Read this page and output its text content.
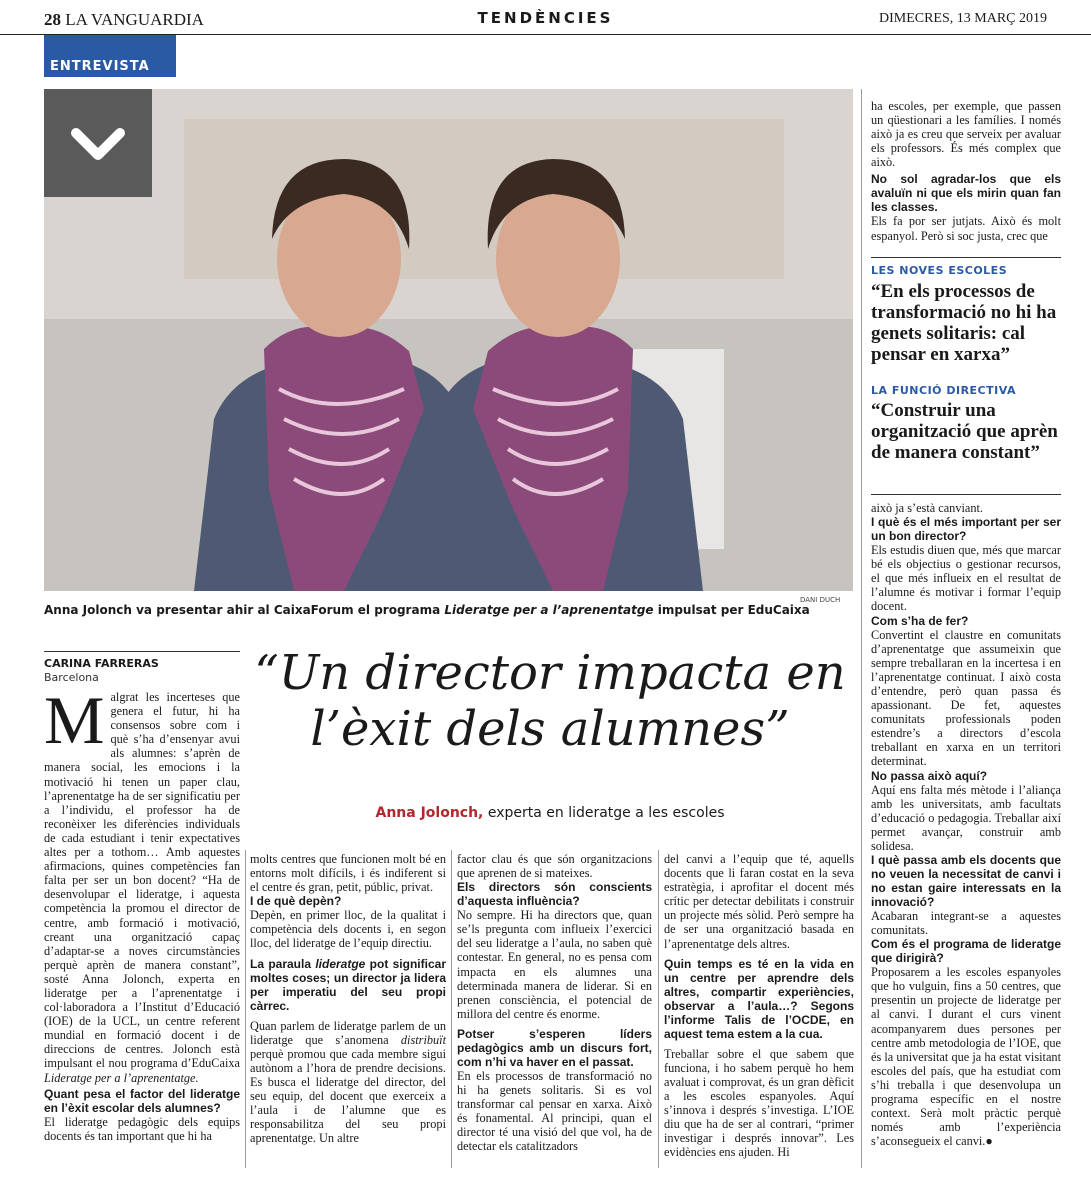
28 LA VANGUARDIA	TENDÈNCIES	DIMECRES, 13 MARÇ 2019
ENTREVISTA
DANI DUCH
Anna Jolonch va presentar ahir al CaixaForum el programa Lideratge per a l’aprenentatge impulsat per EduCaixa
CARINA FARRERAS
Barcelona	“Un director impacta en l’èxit dels alumnes”
Anna Jolonch, experta en lideratge a les escoles
M algrat les incerteses que genera el futur, hi ha consensos sobre com i què s’ha d’ensenyar avui als alumnes: s’aprèn de manera social, les emocions i la motivació hi tenen un paper clau, l’aprenentatge ha de ser significatiu per a l’individu, el professor ha de reconèixer les diferències individuals de cada estudiant i tenir expectatives altes per a tothom… Amb aquestes afirmacions, quines competències fan falta per ser un bon docent? “Ha de desenvolupar el lideratge, i aquesta competència la promou el director de centre, amb formació i motivació, creant una organització capaç d’adaptar-se a noves circumstàncies perquè aprèn de manera constant”, sosté Anna Jolonch, experta en lideratge per a l’aprenentatge i col·laboradora a l’Institut d’Educació (IOE) de la UCL, un centre referent mundial en formació docent i de direccions de centres. Jolonch està impulsant el nou programa d’EduCaixa Lideratge per a l’aprenentatge.

Quant pesa el factor del lideratge en l’èxit escolar dels alumnes?

El lideratge pedagògic dels equips docents és tan important que hi ha

molts centres que funcionen molt bé en entorns molt difícils, i és indiferent si el centre és gran, petit, públic, privat.

I de què depèn?

Depèn, en primer lloc, de la qualitat i competència dels docents i, en segon lloc, del lideratge de l’equip directiu.

La paraula lideratge pot significar moltes coses; un director ja lidera per imperatiu del seu propi càrrec.

Quan parlem de lideratge parlem de un lideratge que s’anomena distribuït perquè promou que cada membre sigui autònom a l’hora de prendre decisions. Es busca el lideratge del director, del seu equip, del docent que exerceix a l’aula i de l’alumne que es responsabilitza del seu propi aprenentatge. Un altre

factor clau és que són organitzacions que aprenen de si mateixes.

Els directors són conscients d’aquesta influència?

No sempre. Hi ha directors que, quan se’ls pregunta com influeix l’exercici del seu lideratge a l’aula, no saben què contestar. En general, no es pensa com impacta en els alumnes una determinada manera de liderar. Si en prenen consciència, el potencial de millora del centre és enorme.

Potser s’esperen líders pedagògics amb un discurs fort, com n’hi va haver en el passat.

En els processos de transformació no hi ha genets solitaris. Si es vol transformar cal pensar en xarxa. Això és fonamental. Al principi, quan el director té una visió del que vol, ha de detectar els catalitzadors

del canvi a l’equip que té, aquells docents que li faran costat en la seva estratègia, i aprofitar el docent més crític per detectar debilitats i construir un projecte més sòlid. Però sempre ha de ser una organització basada en l’aprenentatge dels altres.

Quin temps es té en la vida en un centre per aprendre dels altres, compartir experiències, observar a l’aula…? Segons l’informe Talis de l’OCDE, en aquest tema estem a la cua.

Treballar sobre el que sabem que funciona, i ho sabem perquè ho hem avaluat i comprovat, és un gran dèficit a les escoles espanyoles. Aquí s’innova i després s’investiga. L’IOE diu que ha de ser al contrari, “primer investigar i després innovar”. Les evidències ens ajuden. Hi

ha escoles, per exemple, que passen un qüestionari a les famílies. I només això ja es creu que serveix per avaluar els professors. És més complex que això.

No sol agradar-los que els avaluïn ni que els mirin quan fan les classes.

Els fa por ser jutjats. Això és molt espanyol. Però si soc justa, crec que

LES NOVES ESCOLES
“En els processos de transformació no hi ha genets solitaris: cal pensar en xarxa”
LA FUNCIÓ DIRECTIVA
“Construir una organització que aprèn de manera constant”

això ja s’està canviant.

I què és el més important per ser un bon director?

Els estudis diuen que, més que marcar bé els objectius o gestionar recursos, el que més influeix en el resultat de l’alumne és motivar i formar l’equip docent.

Com s’ha de fer?

Convertint el claustre en comunitats d’aprenentatge que assumeixin que sempre treballaran en la incertesa i en l’aprenentatge continuat. I això costa d’entendre, però quan passa és apassionant. De fet, aquestes comunitats professionals poden estendre’s a directors d’escola treballant en xarxa en un territori determinat.

No passa això aquí?

Aquí ens falta més mètode i l’aliança amb les universitats, amb facultats d’educació o pedagogia. Treballar així permet avançar, construir amb solidesa.

I què passa amb els docents que no veuen la necessitat de canvi i no estan gaire interessats en la innovació?

Acabaran integrant-se a aquestes comunitats.

Com és el programa de lideratge que dirigirà?

Proposarem a les escoles espanyoles que ho vulguin, fins a 50 centres, que presentin un projecte de lideratge per al canvi. I durant el curs vinent acompanyarem dues persones per centre amb metodologia de l’IOE, que és la universitat que ja ha estat visitant escoles del país, que ha estudiat com s’hi treballa i que desenvolupa un programa específic en el nostre context. Serà molt pràctic perquè només amb l’experiència s’aconsegueix el canvi.●
